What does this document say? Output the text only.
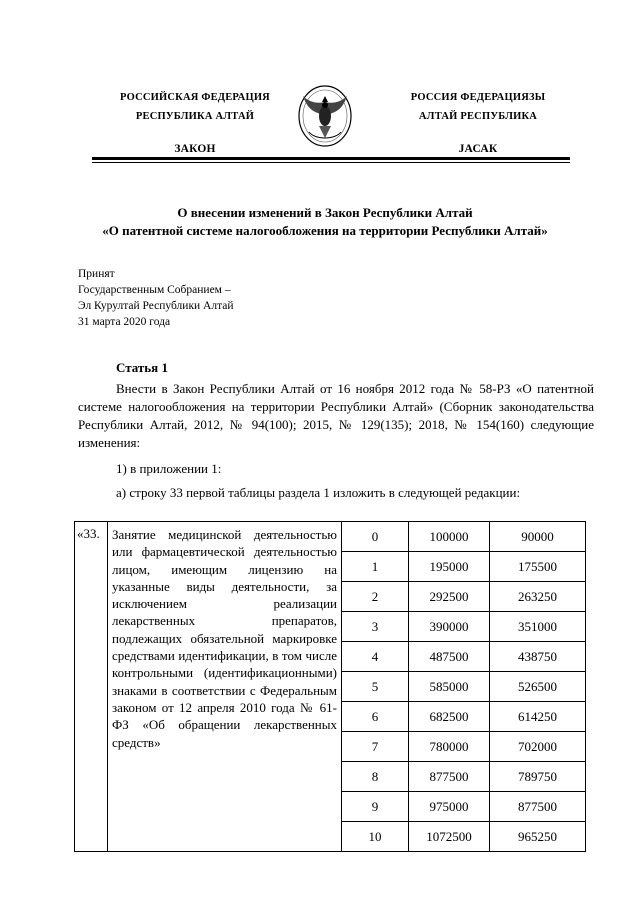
РОССИЙСКАЯ ФЕДЕРАЦИЯ
РЕСПУБЛИКА АЛТАЙ
ЗАКОН
РОССИЯ ФЕДЕРАЦИЯЗЫ
АЛТАЙ РЕСПУБЛИКА
JАСАК
О внесении изменений в Закон Республики Алтай
«О патентной системе налогообложения на территории Республики Алтай»
Принят
Государственным Собранием –
Эл Курултай Республики Алтай
31 марта 2020 года
Статья 1
Внести в Закон Республики Алтай от 16 ноября 2012 года № 58-РЗ «О патентной системе налогообложения на территории Республики Алтай» (Сборник законодательства Республики Алтай, 2012, № 94(100); 2015, № 129(135); 2018, № 154(160) следующие изменения:
1) в приложении 1:
а) строку 33 первой таблицы раздела 1 изложить в следующей редакции:
«33.	Занятие медицинской деятельностью или фармацевтической деятельностью лицом, имеющим лицензию на указанные виды деятельности, за исключением реализации лекарственных препаратов, подлежащих обязательной маркировке средствами идентификации, в том числе контрольными (идентификационными) знаками в соответствии с Федеральным законом от 12 апреля 2010 года № 61-ФЗ «Об обращении лекарственных средств»	0	100000	90000
		1	195000	175500
		2	292500	263250
		3	390000	351000
		4	487500	438750
		5	585000	526500
		6	682500	614250
		7	780000	702000
		8	877500	789750
		9	975000	877500
		10	1072500	965250
